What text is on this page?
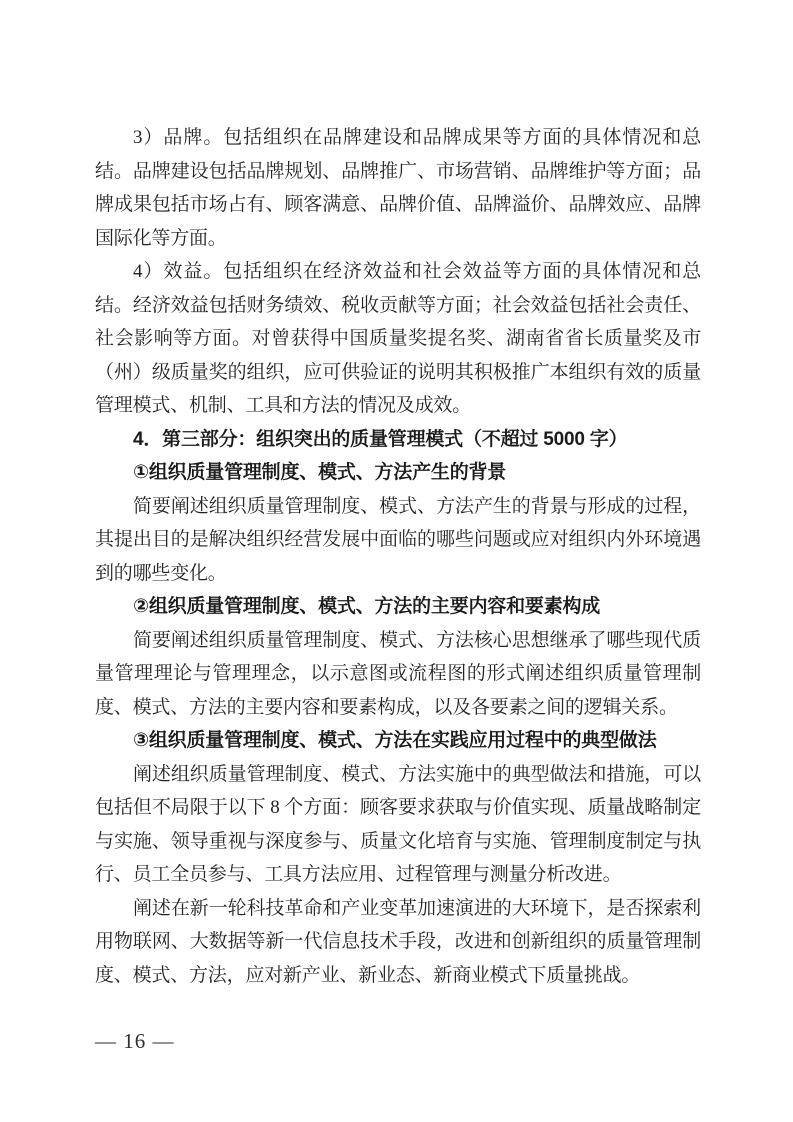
3）品牌。包括组织在品牌建设和品牌成果等方面的具体情况和总结。品牌建设包括品牌规划、品牌推广、市场营销、品牌维护等方面；品牌成果包括市场占有、顾客满意、品牌价值、品牌溢价、品牌效应、品牌国际化等方面。

4）效益。包括组织在经济效益和社会效益等方面的具体情况和总结。经济效益包括财务绩效、税收贡献等方面；社会效益包括社会责任、社会影响等方面。对曾获得中国质量奖提名奖、湖南省省长质量奖及市（州）级质量奖的组织，应可供验证的说明其积极推广本组织有效的质量管理模式、机制、工具和方法的情况及成效。

4．第三部分：组织突出的质量管理模式（不超过 5000 字）

①组织质量管理制度、模式、方法产生的背景

简要阐述组织质量管理制度、模式、方法产生的背景与形成的过程，其提出目的是解决组织经营发展中面临的哪些问题或应对组织内外环境遇到的哪些变化。

②组织质量管理制度、模式、方法的主要内容和要素构成

简要阐述组织质量管理制度、模式、方法核心思想继承了哪些现代质量管理理论与管理理念，以示意图或流程图的形式阐述组织质量管理制度、模式、方法的主要内容和要素构成，以及各要素之间的逻辑关系。

③组织质量管理制度、模式、方法在实践应用过程中的典型做法

阐述组织质量管理制度、模式、方法实施中的典型做法和措施，可以包括但不局限于以下 8 个方面：顾客要求获取与价值实现、质量战略制定与实施、领导重视与深度参与、质量文化培育与实施、管理制度制定与执行、员工全员参与、工具方法应用、过程管理与测量分析改进。

阐述在新一轮科技革命和产业变革加速演进的大环境下，是否探索利用物联网、大数据等新一代信息技术手段，改进和创新组织的质量管理制度、模式、方法，应对新产业、新业态、新商业模式下质量挑战。

— 16 —
